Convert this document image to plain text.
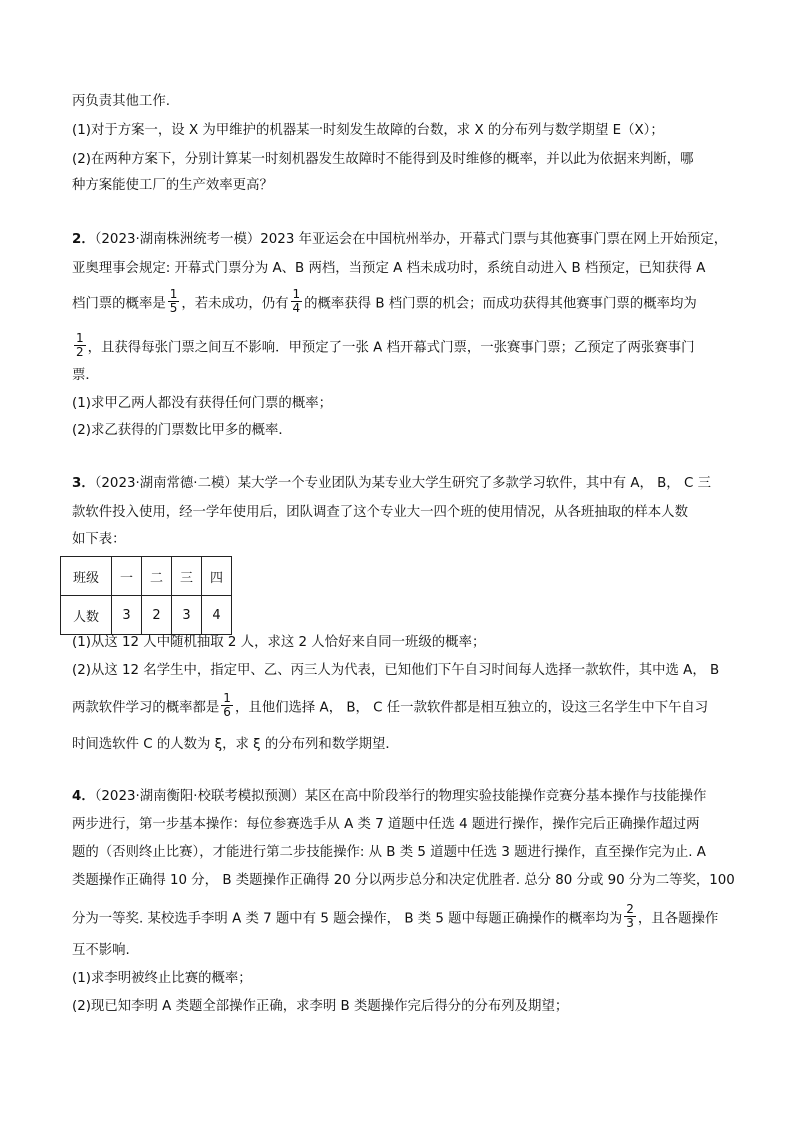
丙负责其他工作.
(1)对于方案一，设 X 为甲维护的机器某一时刻发生故障的台数，求 X 的分布列与数学期望 E（X）；
(2)在两种方案下，分别计算某一时刻机器发生故障时不能得到及时维修的概率，并以此为依据来判断，哪
种方案能使工厂的生产效率更高？
2．（2023·湖南株洲统考一模）2023 年亚运会在中国杭州举办，开幕式门票与其他赛事门票在网上开始预定，
亚奥理事会规定: 开幕式门票分为 A、B 两档，当预定 A 档未成功时，系统自动进入 B 档预定，已知获得 A
档门票的概率是 $\frac{1}{5}$ ，若未成功，仍有 $\frac{1}{4}$ 的概率获得 B 档门票的机会；而成功获得其他赛事门票的概率均为
$\frac{1}{2}$ ，且获得每张门票之间互不影响．甲预定了一张 A 档开幕式门票，一张赛事门票；乙预定了两张赛事门
票．
(1)求甲乙两人都没有获得任何门票的概率；
(2)求乙获得的门票数比甲多的概率．
3．（2023·湖南常德·二模）某大学一个专业团队为某专业大学生研究了多款学习软件，其中有 A， B， C 三
款软件投入使用，经一学年使用后，团队调查了这个专业大一四个班的使用情况，从各班抽取的样本人数
如下表：
班级	一	二	三	四
人数	3	2	3	4
(1)从这 12 人中随机抽取 2 人，求这 2 人恰好来自同一班级的概率；
(2)从这 12 名学生中，指定甲、乙、丙三人为代表，已知他们下午自习时间每人选择一款软件，其中选 A， B
两款软件学习的概率都是 $\frac{1}{6}$ ，且他们选择 A， B， C 任一款软件都是相互独立的，设这三名学生中下午自习
时间选软件 C 的人数为 ξ，求 ξ 的分布列和数学期望．
4．（2023·湖南衡阳·校联考模拟预测）某区在高中阶段举行的物理实验技能操作竞赛分基本操作与技能操作
两步进行，第一步基本操作：每位参赛选手从 A 类 7 道题中任选 4 题进行操作，操作完后正确操作超过两
题的（否则终止比赛），才能进行第二步技能操作: 从 B 类 5 道题中任选 3 题进行操作，直至操作完为止. A
类题操作正确得 10 分， B 类题操作正确得 20 分以两步总分和决定优胜者. 总分 80 分或 90 分为二等奖，100
分为一等奖. 某校选手李明 A 类 7 题中有 5 题会操作， B 类 5 题中每题正确操作的概率均为 $\frac{2}{3}$ ，且各题操作
互不影响.
(1)求李明被终止比赛的概率；
(2)现已知李明 A 类题全部操作正确，求李明 B 类题操作完后得分的分布列及期望；
